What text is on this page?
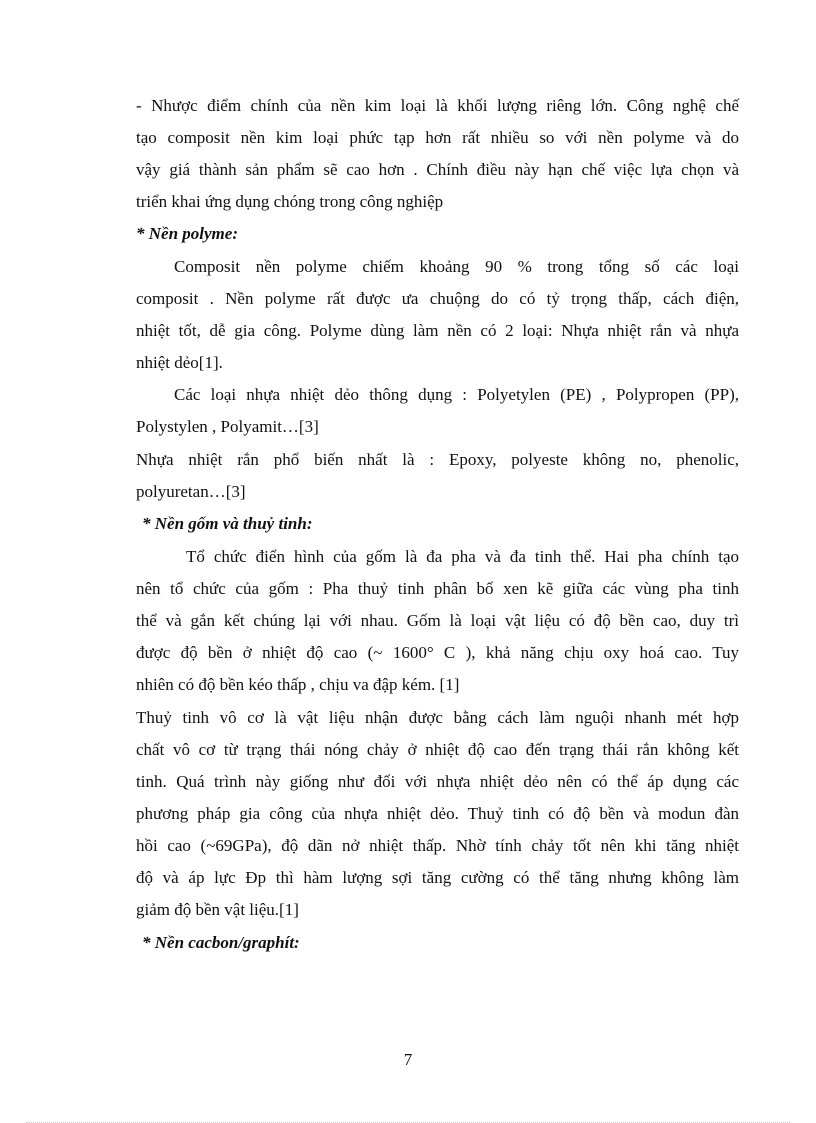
- Nhược điểm chính của nền kim loại là khối lượng riêng lớn. Công nghệ chế
tạo composit nền kim loại phức tạp hơn rất nhiều so với nền polyme và do
vậy giá thành sản phẩm sẽ cao hơn . Chính điều này hạn chế việc lựa chọn và
triển khai ứng dụng chóng trong công nghiệp
* Nền polyme:
Composit nền polyme chiếm khoảng 90 % trong tổng số các loại
composit . Nền polyme rất được ưa chuộng do có tỷ trọng thấp, cách điện,
nhiệt tốt, dễ gia công. Polyme dùng làm nền có 2 loại: Nhựa nhiệt rắn và nhựa
nhiệt dẻo[1].
Các loại nhựa nhiệt dẻo thông dụng : Polyetylen (PE) , Polypropen (PP),
Polystylen , Polyamit…[3]
Nhựa nhiệt rắn phổ biến nhất là : Epoxy, polyeste không no, phenolic,
polyuretan…[3]
* Nền gốm và thuỷ tinh:
Tổ chức điển hình của gốm là đa pha và đa tinh thể. Hai pha chính tạo
nên tổ chức của gốm : Pha thuỷ tinh phân bố xen kẽ giữa các vùng pha tinh
thể và gắn kết chúng lại với nhau. Gốm là loại vật liệu có độ bền cao, duy trì
được độ bền ở nhiệt độ cao (~ 1600° C ), khả năng chịu oxy hoá cao. Tuy
nhiên có độ bền kéo thấp , chịu va đập kém. [1]
Thuỷ tinh vô cơ là vật liệu nhận được bằng cách làm nguội nhanh mét hợp
chất vô cơ từ trạng thái nóng chảy ở nhiệt độ cao đến trạng thái rắn không kết
tinh. Quá trình này giống như đối với nhựa nhiệt dẻo nên có thể áp dụng các
phương pháp gia công của nhựa nhiệt dẻo. Thuỷ tinh có độ bền và modun đàn
hồi cao (~69GPa), độ dãn nở nhiệt thấp. Nhờ tính chảy tốt nên khi tăng nhiệt
độ và áp lực Đp thì hàm lượng sợi tăng cường có thể tăng nhưng không làm
giảm độ bền vật liệu.[1]
* Nền cacbon/graphít:
7
